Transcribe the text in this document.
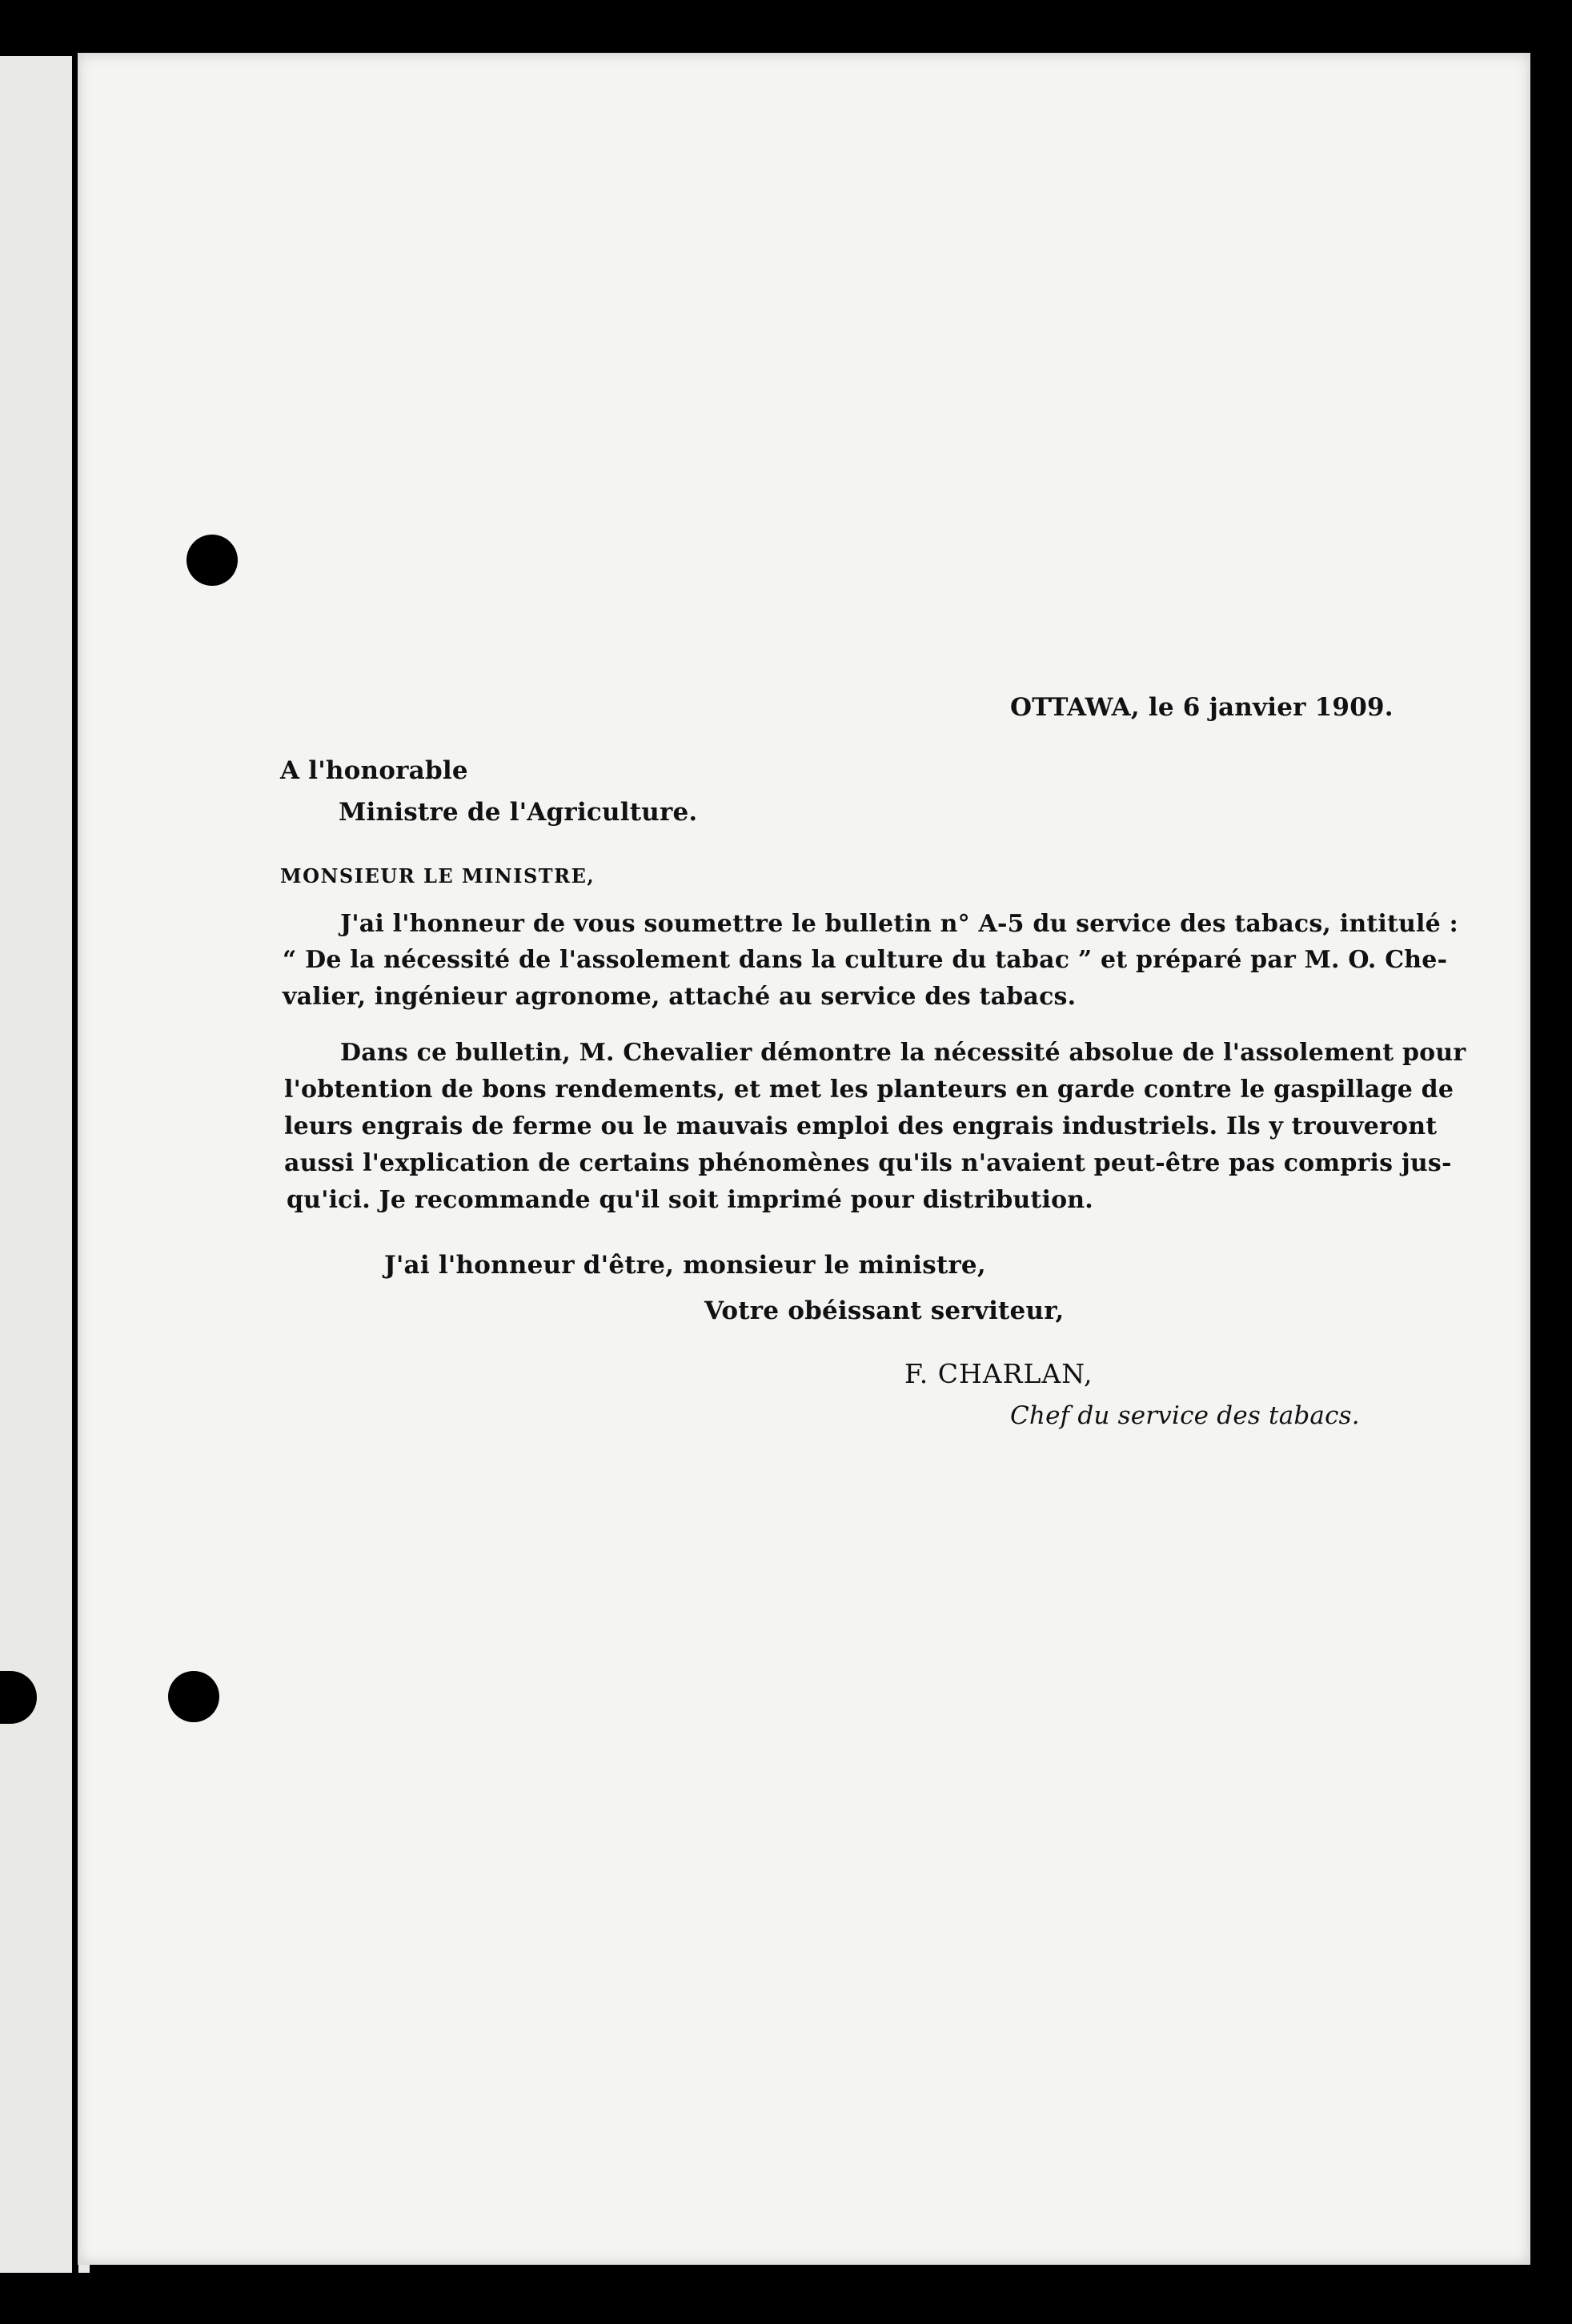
OTTAWA, le 6 janvier 1909.
A l'honorable
Ministre de l'Agriculture.
MONSIEUR LE MINISTRE,
J'ai l'honneur de vous soumettre le bulletin n° A-5 du service des tabacs, intitulé :
“ De la nécessité de l'assolement dans la culture du tabac ” et préparé par M. O. Che-
valier, ingénieur agronome, attaché au service des tabacs.
Dans ce bulletin, M. Chevalier démontre la nécessité absolue de l'assolement pour
l'obtention de bons rendements, et met les planteurs en garde contre le gaspillage de
leurs engrais de ferme ou le mauvais emploi des engrais industriels. Ils y trouveront
aussi l'explication de certains phénomènes qu'ils n'avaient peut-être pas compris jus-
qu'ici. Je recommande qu'il soit imprimé pour distribution.
J'ai l'honneur d'être, monsieur le ministre,
Votre obéissant serviteur,
F. CHARLAN,
Chef du service des tabacs.
